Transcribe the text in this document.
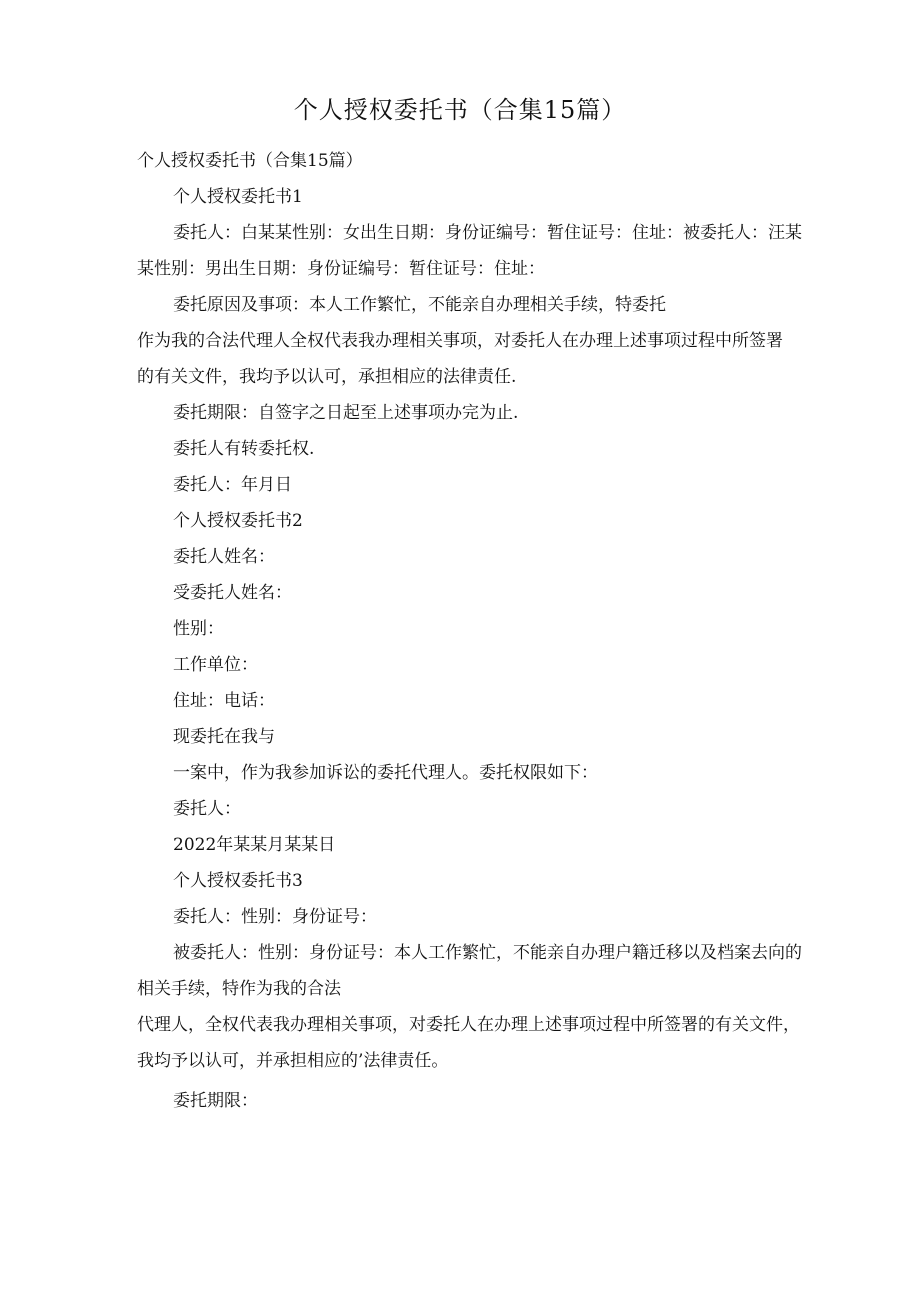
个人授权委托书（合集15篇）
个人授权委托书（合集15篇）
个人授权委托书1
委托人：白某某性别：女出生日期：身份证编号：暂住证号：住址：被委托人：汪某
某性别：男出生日期：身份证编号：暂住证号：住址：
委托原因及事项：本人工作繁忙，不能亲自办理相关手续，特委托
作为我的合法代理人全权代表我办理相关事项，对委托人在办理上述事项过程中所签署
的有关文件，我均予以认可，承担相应的法律责任.
委托期限：自签字之日起至上述事项办完为止.
委托人有转委托权.
委托人：年月日
个人授权委托书2
委托人姓名：
受委托人姓名：
性别：
工作单位：
住址：电话：
现委托在我与
一案中，作为我参加诉讼的委托代理人。委托权限如下：
委托人：
2022年某某月某某日
个人授权委托书3
委托人：性别：身份证号：
被委托人：性别：身份证号：本人工作繁忙，不能亲自办理户籍迁移以及档案去向的
相关手续，特作为我的合法
代理人，全权代表我办理相关事项，对委托人在办理上述事项过程中所签署的有关文件，
我均予以认可，并承担相应的’法律责任。
委托期限：
